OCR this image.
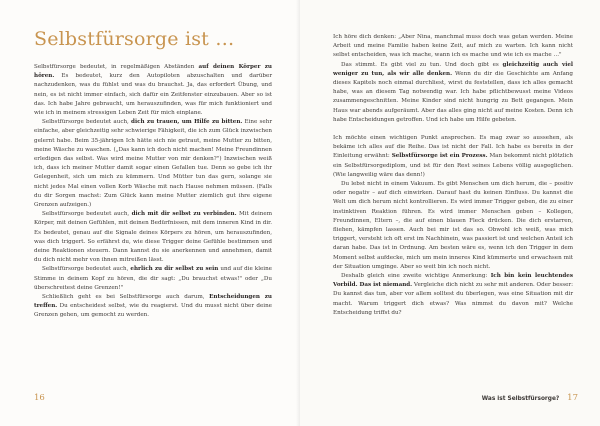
Selbstfürsorge ist …

Selbstfürsorge bedeutet, in regelmäßigen Abständen auf deinen Körper zu hören. Es bedeutet, kurz den Autopiloten abzuschalten und darüber nachzudenken, was du fühlst und was du brauchst. Ja, das erfordert Übung, und nein, es ist nicht immer einfach, sich dafür ein Zeitfenster einzubauen. Aber so ist das. Ich habe Jahre gebraucht, um herauszufinden, was für mich funktioniert und wie ich in meinem stressigen Leben Zeit für mich einplane.

Selbstfürsorge bedeutet auch, dich zu trauen, um Hilfe zu bitten. Eine sehr einfache, aber gleichzeitig sehr schwierige Fähigkeit, die ich zum Glück inzwischen gelernt habe. Beim 35-jährigen Ich hätte sich nie getraut, meine Mutter zu bitten, meine Wäsche zu waschen. („Das kann ich doch nicht machen! Meine Freundinnen erledigen das selbst. Was wird meine Mutter von mir denken?") Inzwischen weiß ich, dass ich meiner Mutter damit sogar einen Gefallen tue. Denn so gebe ich ihr Gelegenheit, sich um mich zu kümmern. Und Mütter tun das gern, solange sie nicht jedes Mal einen vollen Korb Wäsche mit nach Hause nehmen müssen. (Falls du dir Sorgen machst: Zum Glück kann meine Mutter ziemlich gut ihre eigene Grenzen aufzeigen.)

Selbstfürsorge bedeutet auch, dich mit dir selbst zu verbinden. Mit deinem Körper, mit deinen Gefühlen, mit deinen Bedürfnissen, mit dem inneren Kind in dir. Es bedeutet, genau auf die Signale deines Körpers zu hören, um herauszufinden, was dich triggert. So erfährst du, wie diese Trigger deine Gefühle bestimmen und deine Reaktionen steuern. Dann kannst du sie anerkennen und annehmen, damit du dich nicht mehr von ihnen mitreißen lässt.

Selbstfürsorge bedeutet auch, ehrlich zu dir selbst zu sein und auf die kleine Stimme in deinem Kopf zu hören, die dir sagt: „Du brauchst etwas!" oder „Du überschreitest deine Grenzen!"

Schließlich geht es bei Selbstfürsorge auch darum, Entscheidungen zu treffen. Du entscheidest selbst, wie du reagierst. Und du musst nicht über deine Grenzen gehen, um gemocht zu werden.

16

Ich höre dich denken: „Aber Nina, manchmal muss doch was getan werden. Meine Arbeit und meine Familie haben keine Zeit, auf mich zu warten. Ich kann nicht selbst entscheiden, was ich mache, wann ich es mache und wie ich es mache …"

Das stimmt. Es gibt viel zu tun. Und doch gibt es gleichzeitig auch viel weniger zu tun, als wir alle denken. Wenn du dir die Geschichte am Anfang dieses Kapitels noch einmal durchliest, wirst du feststellen, dass ich alles gemacht habe, was an diesem Tag notwendig war. Ich habe pflichtbewusst meine Videos zusammengeschnitten. Meine Kinder sind nicht hungrig zu Bett gegangen. Mein Haus war abends aufgeräumt. Aber das alles ging nicht auf meine Kosten. Denn ich habe Entscheidungen getroffen. Und ich habe um Hilfe gebeten.

Ich möchte einen wichtigen Punkt ansprechen. Es mag zwar so aussehen, als bekäme ich alles auf die Reihe. Das ist nicht der Fall. Ich habe es bereits in der Einleitung erwähnt: Selbstfürsorge ist ein Prozess. Man bekommt nicht plötzlich ein Selbstfürsorgediplom, und ist für den Rest seines Lebens völlig ausgeglichen. (Wie langweilig wäre das denn!)

Du lebst nicht in einem Vakuum. Es gibt Menschen um dich herum, die – positiv oder negativ – auf dich einwirken. Darauf hast du keinen Einfluss. Du kannst die Welt um dich herum nicht kontrollieren. Es wird immer Trigger geben, die zu einer instinktiven Reaktion führen. Es wird immer Menschen geben – Kollegen, Freundinnen, Eltern –, die auf einen blauen Fleck drücken. Die dich erstarren, fliehen, kämpfen lassen. Auch bei mir ist das so. Obwohl ich weiß, was mich triggert, versteht ich oft erst im Nachhinein, was passiert ist und welchen Anteil ich daran habe. Das ist in Ordnung. Am besten wäre es, wenn ich den Trigger in dem Moment selbst aufdecke, mich um mein inneres Kind kümmerte und erwachsen mit der Situation umginge. Aber so weit bin ich noch nicht.

Deshalb gleich eine zweite wichtige Anmerkung: Ich bin kein leuchtendes Vorbild. Das ist niemand. Vergleiche dich nicht zu sehr mit anderen. Oder besser: Du kannst das tun, aber vor allem solltest du überlegen, was eine Situation mit dir macht. Warum triggert dich etwas? Was nimmst du davon mit? Welche Entscheidung triffst du?

Was ist Selbstfürsorge? 17
